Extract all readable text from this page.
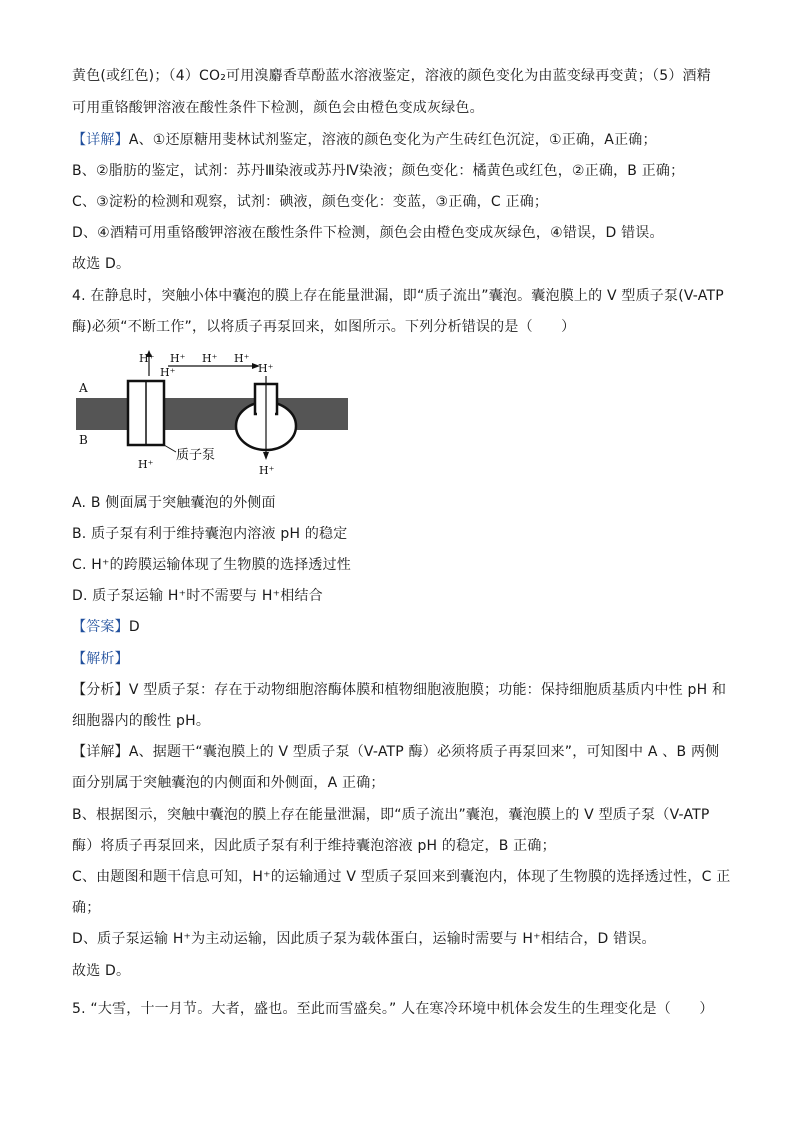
黄色(或红色)；（4）CO₂可用溴麝香草酚蓝水溶液鉴定，溶液的颜色变化为由蓝变绿再变黄；（5）酒精
可用重铬酸钾溶液在酸性条件下检测，颜色会由橙色变成灰绿色。
【详解】A、①还原糖用斐林试剂鉴定，溶液的颜色变化为产生砖红色沉淀，①正确，A正确；
B、②脂肪的鉴定，试剂：苏丹Ⅲ染液或苏丹Ⅳ染液；颜色变化：橘黄色或红色，②正确，B 正确；
C、③淀粉的检测和观察，试剂：碘液，颜色变化：变蓝，③正确，C 正确；
D、④酒精可用重铬酸钾溶液在酸性条件下检测，颜色会由橙色变成灰绿色，④错误，D 错误。
故选 D。
4. 在静息时，突触小体中囊泡的膜上存在能量泄漏，即“质子流出”囊泡。囊泡膜上的 V 型质子泵(V-ATP
酶)必须“不断工作”，以将质子再泵回来，如图所示。下列分析错误的是（　　）
A
B
H⁺ H⁺ H⁺ H⁺
H⁺	H⁺
H⁺	H⁺
质子泵
A. B 侧面属于突触囊泡的外侧面
B. 质子泵有利于维持囊泡内溶液 pH 的稳定
C. H⁺的跨膜运输体现了生物膜的选择透过性
D. 质子泵运输 H⁺时不需要与 H⁺相结合
【答案】D
【解析】
【分析】V 型质子泵：存在于动物细胞溶酶体膜和植物细胞液胞膜；功能：保持细胞质基质内中性 pH 和
细胞器内的酸性 pH。
【详解】A、据题干“囊泡膜上的 V 型质子泵（V-ATP 酶）必须将质子再泵回来”，可知图中 A 、B 两侧
面分别属于突触囊泡的内侧面和外侧面，A 正确；
B、根据图示，突触中囊泡的膜上存在能量泄漏，即“质子流出”囊泡，囊泡膜上的 V 型质子泵（V-ATP
酶）将质子再泵回来，因此质子泵有利于维持囊泡溶液 pH 的稳定，B 正确；
C、由题图和题干信息可知，H⁺的运输通过 V 型质子泵回来到囊泡内，体现了生物膜的选择透过性，C 正
确；
D、质子泵运输 H⁺为主动运输，因此质子泵为载体蛋白，运输时需要与 H⁺相结合，D 错误。
故选 D。
5. “大雪，十一月节。大者，盛也。至此而雪盛矣。” 人在寒冷环境中机体会发生的生理变化是（　　）
